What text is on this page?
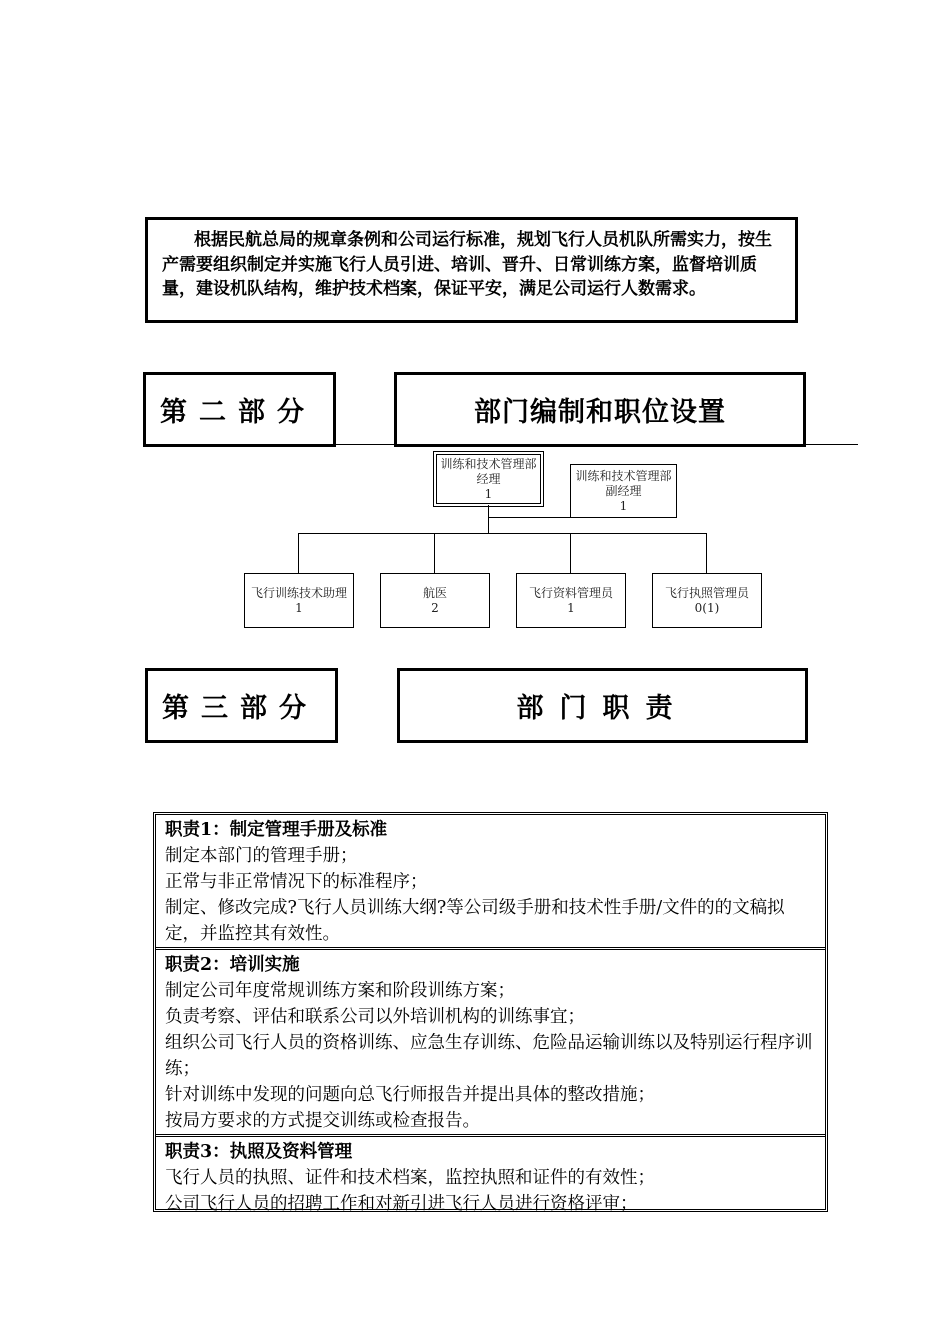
根据民航总局的规章条例和公司运行标准，规划飞行人员机队所需实力，按生产需要组织制定并实施飞行人员引进、培训、晋升、日常训练方案，监督培训质量，建设机队结构，维护技术档案，保证平安，满足公司运行人数需求。

第二部分	部门编制和职位设置
训练和技术管理部经理
1
训练和技术管理部副经理
1
飞行训练技术助理
1
航医
2
飞行资料管理员
1
飞行执照管理员
0(1)
第三部分	部门职责
职责1：制定管理手册及标准
制定本部门的管理手册；
正常与非正常情况下的标准程序；
制定、修改完成?飞行人员训练大纲?等公司级手册和技术性手册/文件的的文稿拟定，并监控其有效性。
职责2：培训实施
制定公司年度常规训练方案和阶段训练方案；
负责考察、评估和联系公司以外培训机构的训练事宜；
组织公司飞行人员的资格训练、应急生存训练、危险品运输训练以及特别运行程序训练；
针对训练中发现的问题向总飞行师报告并提出具体的整改措施；
按局方要求的方式提交训练或检查报告。
职责3：执照及资料管理
飞行人员的执照、证件和技术档案，监控执照和证件的有效性；
公司飞行人员的招聘工作和对新引进飞行人员进行资格评审；
